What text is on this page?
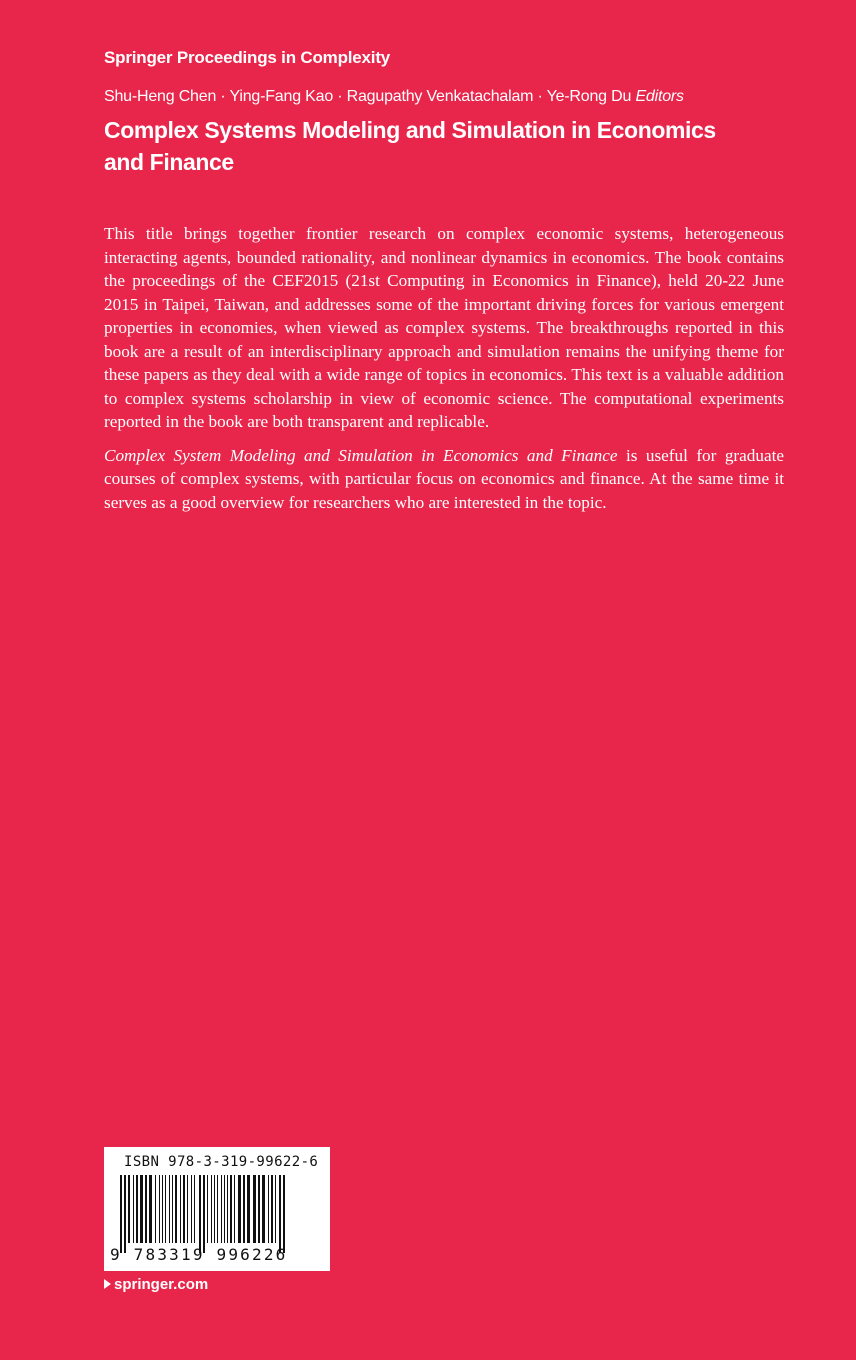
Springer Proceedings in Complexity
Shu-Heng Chen · Ying-Fang Kao · Ragupathy Venkatachalam · Ye-Rong Du Editors
Complex Systems Modeling and Simulation in Economics and Finance

This title brings together frontier research on complex economic systems, heterogeneous interacting agents, bounded rationality, and nonlinear dynamics in economics. The book contains the proceedings of the CEF2015 (21st Computing in Economics in Finance), held 20-22 June 2015 in Taipei, Taiwan, and addresses some of the important driving forces for various emergent properties in economies, when viewed as complex systems. The breakthroughs reported in this book are a result of an interdisciplinary approach and simulation remains the unifying theme for these papers as they deal with a wide range of topics in economics. This text is a valuable addition to complex systems scholarship in view of economic science. The computational experiments reported in the book are both transparent and replicable.

Complex System Modeling and Simulation in Economics and Finance is useful for graduate courses of complex systems, with particular focus on economics and finance. At the same time it serves as a good overview for researchers who are interested in the topic.

ISBN 978-3-319-99622-6
9 783319 996226
springer.com
